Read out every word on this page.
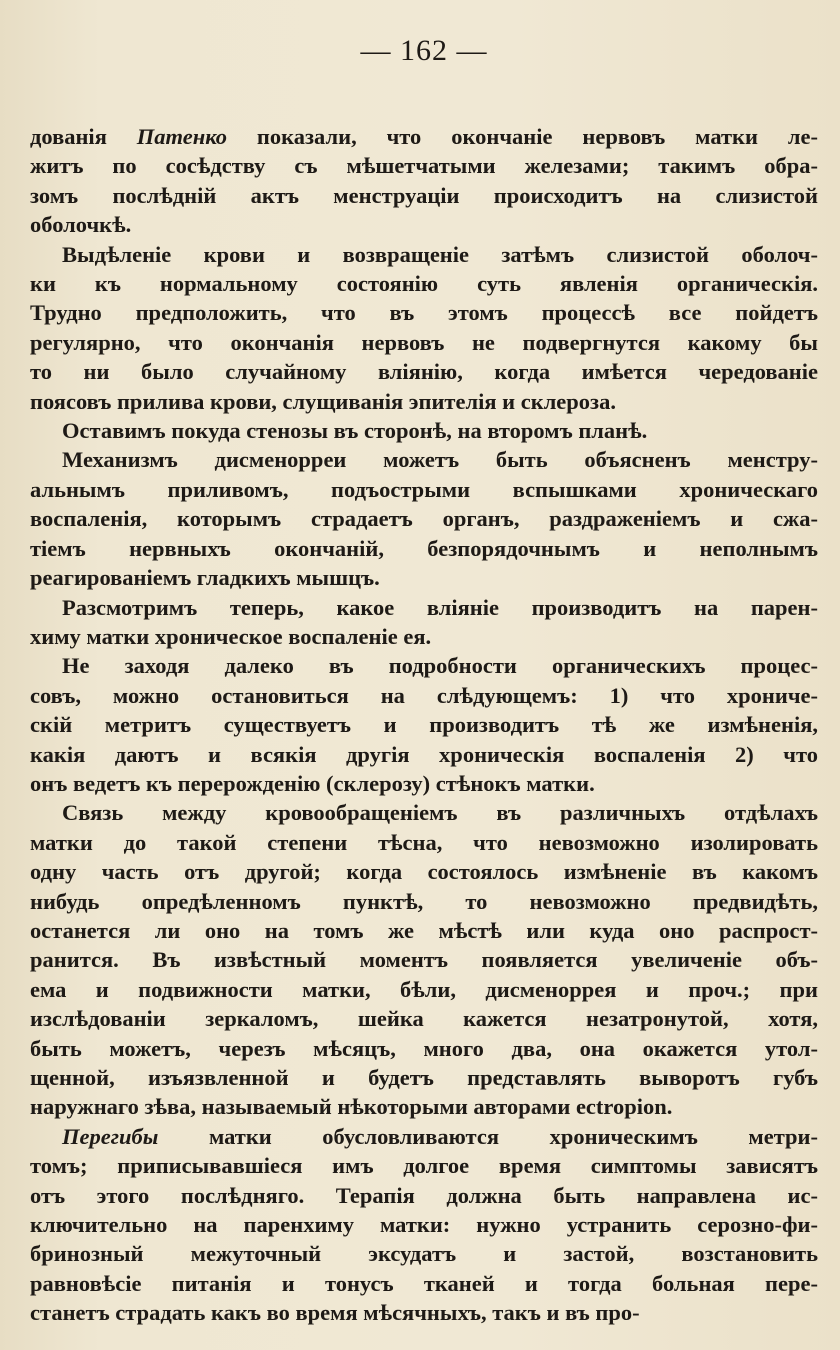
— 162 —
дованія Патенко показали, что окончаніе нервовъ матки ле-
житъ по сосѣдству съ мѣшетчатыми железами; такимъ обра-
зомъ послѣдній актъ менструаціи происходитъ на слизистой
оболочкѣ.
Выдѣленіе крови и возвращеніе затѣмъ слизистой оболоч-
ки къ нормальному состоянію суть явленія органическія.
Трудно предположить, что въ этомъ процессѣ все пойдетъ
регулярно, что окончанія нервовъ не подвергнутся какому бы
то ни было случайному вліянію, когда имѣется чередованіе
поясовъ прилива крови, слущиванія эпителія и склероза.
Оставимъ покуда стенозы въ сторонѣ, на второмъ планѣ.
Механизмъ дисменорреи можетъ быть объясненъ менстру-
альнымъ приливомъ, подъострыми вспышками хроническаго
воспаленія, которымъ страдаетъ органъ, раздраженіемъ и сжа-
тіемъ нервныхъ окончаній, безпорядочнымъ и неполнымъ
реагированіемъ гладкихъ мышцъ.
Разсмотримъ теперь, какое вліяніе производитъ на парен-
химу матки хроническое воспаленіе ея.
Не заходя далеко въ подробности органическихъ процес-
совъ, можно остановиться на слѣдующемъ: 1) что хрониче-
скій метритъ существуетъ и производитъ тѣ же измѣненія,
какія даютъ и всякія другія хроническія воспаленія 2) что
онъ ведетъ къ перерожденію (склерозу) стѣнокъ матки.
Связь между кровообращеніемъ въ различныхъ отдѣлахъ
матки до такой степени тѣсна, что невозможно изолировать
одну часть отъ другой; когда состоялось измѣненіе въ какомъ
нибудь опредѣленномъ пунктѣ, то невозможно предвидѣть,
останется ли оно на томъ же мѣстѣ или куда оно распрост-
ранится. Въ извѣстный моментъ появляется увеличеніе объ-
ема и подвижности матки, бѣли, дисменоррея и проч.; при
изслѣдованіи зеркаломъ, шейка кажется незатронутой, хотя,
быть можетъ, черезъ мѣсяцъ, много два, она окажется утол-
щенной, изъязвленной и будетъ представлять выворотъ губъ
наружнаго зѣва, называемый нѣкоторыми авторами ectropion.
Перегибы матки обусловливаются хроническимъ метри-
томъ; приписывавшіеся имъ долгое время симптомы зависятъ
отъ этого послѣдняго. Терапія должна быть направлена ис-
ключительно на паренхиму матки: нужно устранить серозно-фи-
бринозный межуточный эксудатъ и застой, возстановить
равновѣсіе питанія и тонусъ тканей и тогда больная пере-
станетъ страдать какъ во время мѣсячныхъ, такъ и въ про-
